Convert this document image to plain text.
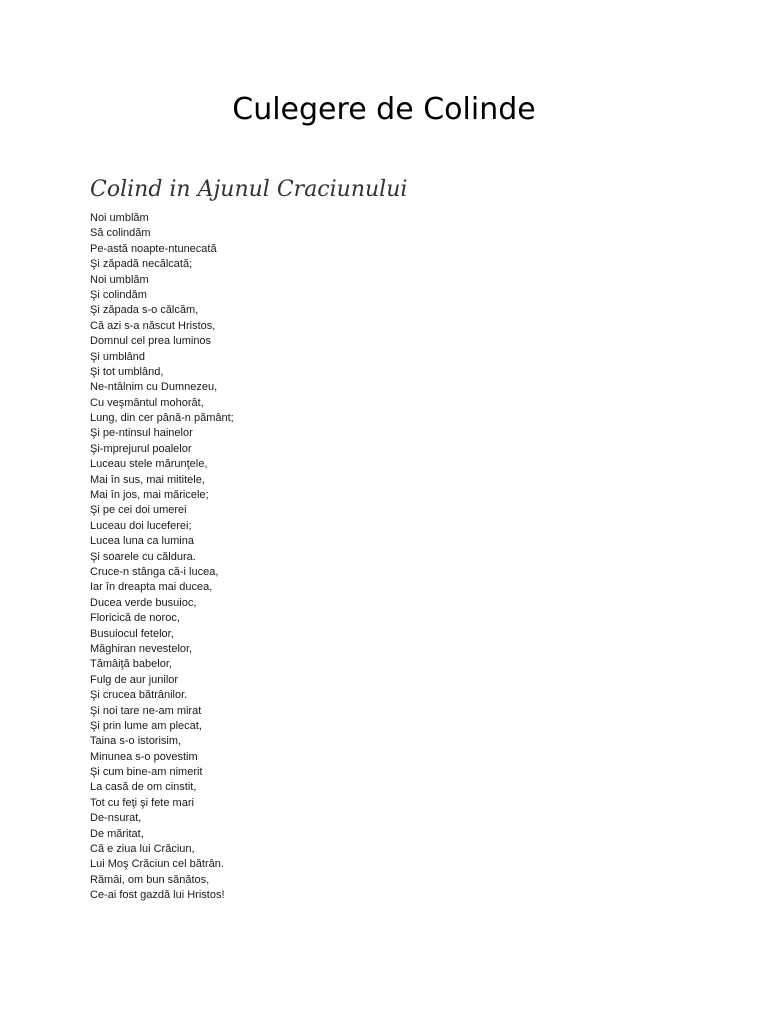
Culegere de Colinde
Colind in Ajunul Craciunului
Noi umblăm
Să colindăm
Pe-astă noapte-ntunecată
Şi zăpadă necălcată;
Noi umblăm
Şi colindăm
Şi zăpada s-o călcăm,
Că azi s-a născut Hristos,
Domnul cel prea luminos
Şi umblând
Şi tot umblând,
Ne-ntâlnim cu Dumnezeu,
Cu veşmântul mohorât,
Lung, din cer până-n pământ;
Şi pe-ntinsul hainelor
Şi-mprejurul poalelor
Luceau stele mărunţele,
Mai în sus, mai mititele,
Mai în jos, mai măricele;
Şi pe cei doi umerei
Luceau doi luceferei;
Lucea luna ca lumina
Şi soarele cu căldura.
Cruce-n stânga că-i lucea,
Iar în dreapta mai ducea,
Ducea verde busuioc,
Floricică de noroc,
Busuiocul fetelor,
Măghiran nevestelor,
Tămâiţă babelor,
Fulg de aur junilor
Şi crucea bătrânilor.
Şi noi tare ne-am mirat
Şi prin lume am plecat,
Taina s-o istorisim,
Minunea s-o povestim
Şi cum bine-am nimerit
La casă de om cinstit,
Tot cu feţi şi fete mari
De-nsurat,
De măritat,
Că e ziua lui Crăciun,
Lui Moş Crăciun cel bătrân.
Rămâi, om bun sănătos,
Ce-ai fost gazdă lui Hristos!
